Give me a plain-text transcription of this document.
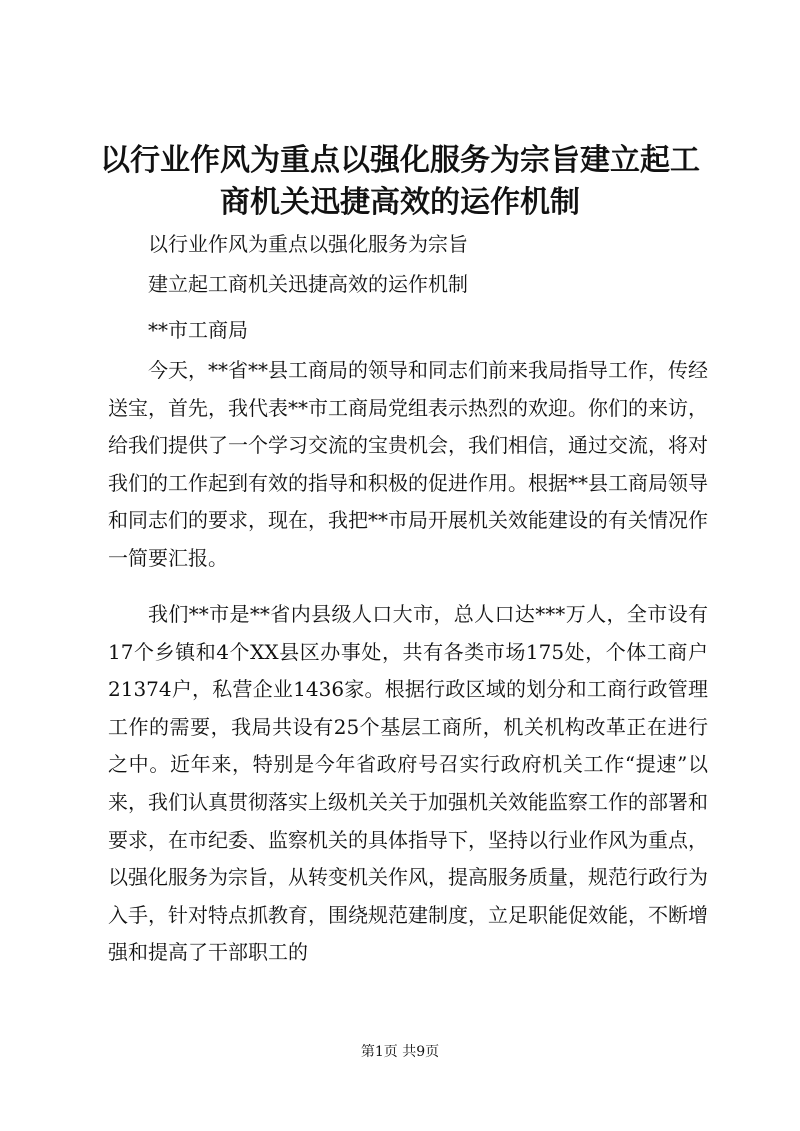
以行业作风为重点以强化服务为宗旨建立起工
商机关迅捷高效的运作机制

以行业作风为重点以强化服务为宗旨

建立起工商机关迅捷高效的运作机制

**市工商局

今天，**省**县工商局的领导和同志们前来我局指导工作，传经送宝，首先，我代表**市工商局党组表示热烈的欢迎。你们的来访，给我们提供了一个学习交流的宝贵机会，我们相信，通过交流，将对我们的工作起到有效的指导和积极的促进作用。根据**县工商局领导和同志们的要求，现在，我把**市局开展机关效能建设的有关情况作一简要汇报。

我们**市是**省内县级人口大市，总人口达***万人，全市设有17个乡镇和4个XX县区办事处，共有各类市场175处，个体工商户21374户，私营企业1436家。根据行政区域的划分和工商行政管理工作的需要，我局共设有25个基层工商所，机关机构改革正在进行之中。近年来，特别是今年省政府号召实行政府机关工作“提速”以来，我们认真贯彻落实上级机关关于加强机关效能监察工作的部署和要求，在市纪委、监察机关的具体指导下，坚持以行业作风为重点，以强化服务为宗旨，从转变机关作风，提高服务质量，规范行政行为入手，针对特点抓教育，围绕规范建制度，立足职能促效能，不断增强和提高了干部职工的

第1页 共9页
